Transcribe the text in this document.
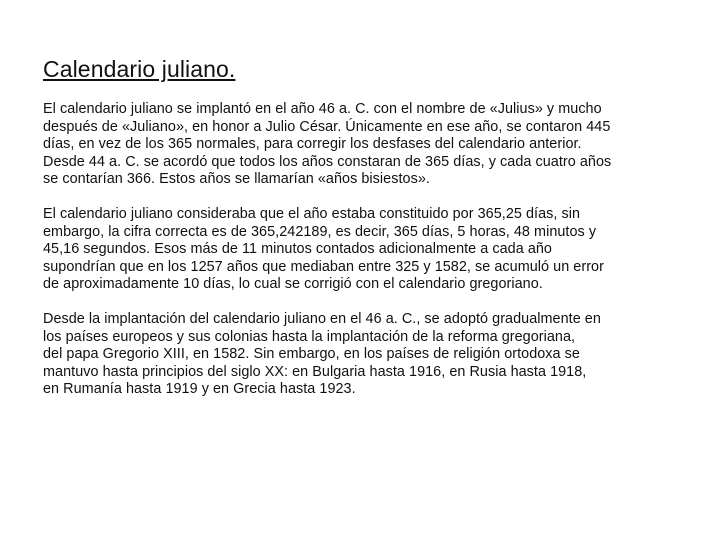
Calendario juliano.

El calendario juliano se implantó en el año 46 a. C. con el nombre de «Julius» y mucho
después de «Juliano», en honor a Julio César. Únicamente en ese año, se contaron 445
días, en vez de los 365 normales, para corregir los desfases del calendario anterior.
Desde 44 a. C. se acordó que todos los años constaran de 365 días, y cada cuatro años
se contarían 366. Estos años se llamarían «años bisiestos».

El calendario juliano consideraba que el año estaba constituido por 365,25 días, sin
embargo, la cifra correcta es de 365,242189, es decir, 365 días, 5 horas, 48 minutos y
45,16 segundos. Esos más de 11 minutos contados adicionalmente a cada año
supondrían que en los 1257 años que mediaban entre 325 y 1582, se acumuló un error
de aproximadamente 10 días, lo cual se corrigió con el calendario gregoriano.

Desde la implantación del calendario juliano en el 46 a. C., se adoptó gradualmente en
los países europeos y sus colonias hasta la implantación de la reforma gregoriana,
del papa Gregorio XIII, en 1582. Sin embargo, en los países de religión ortodoxa se
mantuvo hasta principios del siglo XX: en Bulgaria hasta 1916, en Rusia hasta 1918,
en Rumanía hasta 1919 y en Grecia hasta 1923.
